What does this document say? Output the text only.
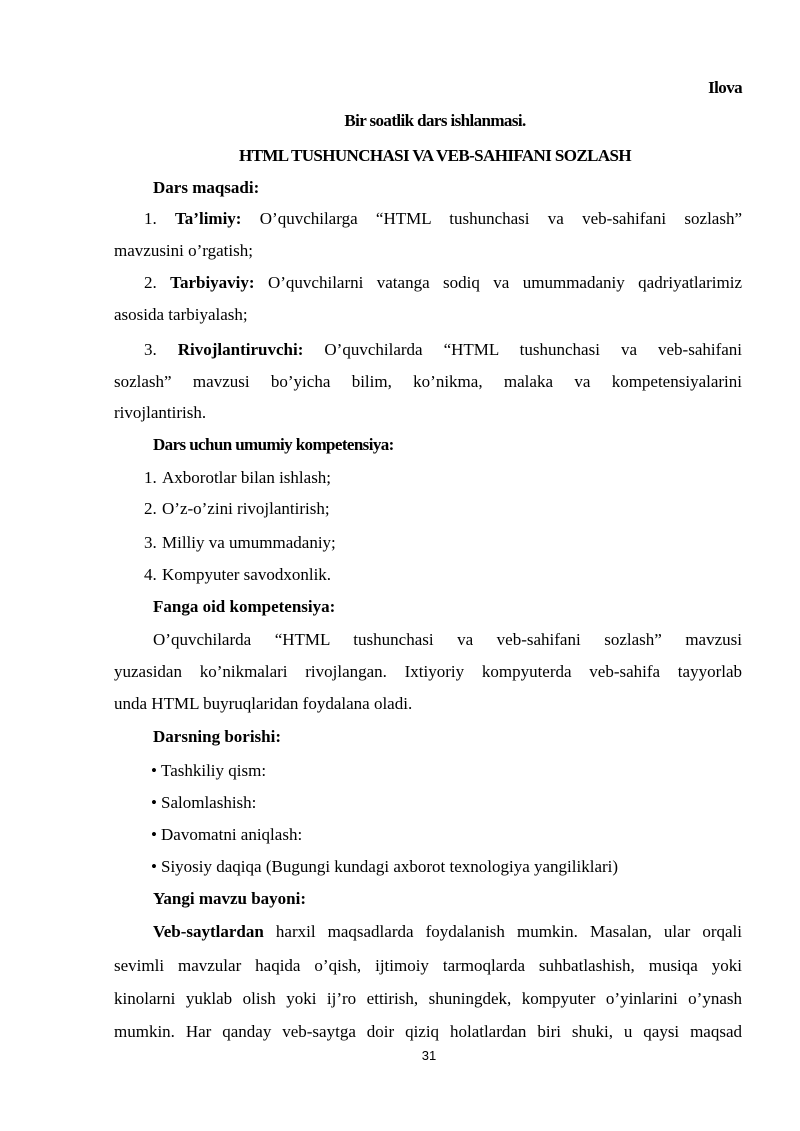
Ilova
Bir soatlik dars ishlanmasi.
HTML TUSHUNCHASI VA VEB-SAHIFANI SOZLASH
Dars maqsadi:
1. Ta’limiy: O’quvchilarga “HTML tushunchasi va veb-sahifani sozlash”
mavzusini o’rgatish;
2. Tarbiyaviy: O’quvchilarni vatanga sodiq va umummadaniy qadriyatlarimiz
asosida tarbiyalash;
3. Rivojlantiruvchi: O’quvchilarda “HTML tushunchasi va veb-sahifani
sozlash” mavzusi bo’yicha bilim, ko’nikma, malaka va kompetensiyalarini
rivojlantirish.
Dars uchun umumiy kompetensiya:
1. Axborotlar bilan ishlash;
2. O’z-o’zini rivojlantirish;
3. Milliy va umummadaniy;
4. Kompyuter savodxonlik.
Fanga oid kompetensiya:
O’quvchilarda “HTML tushunchasi va veb-sahifani sozlash” mavzusi
yuzasidan ko’nikmalari rivojlangan. Ixtiyoriy kompyuterda veb-sahifa tayyorlab
unda HTML buyruqlaridan foydalana oladi.
Darsning borishi:
• Tashkiliy qism:
• Salomlashish:
• Davomatni aniqlash:
• Siyosiy daqiqa (Bugungi kundagi axborot texnologiya yangiliklari)
Yangi mavzu bayoni:
Veb-saytlardan harxil maqsadlarda foydalanish mumkin. Masalan, ular orqali
sevimli mavzular haqida o’qish, ijtimoiy tarmoqlarda suhbatlashish, musiqa yoki
kinolarni yuklab olish yoki ij’ro ettirish, shuningdek, kompyuter o’yinlarini o’ynash
mumkin. Har qanday veb-saytga doir qiziq holatlardan biri shuki, u qaysi maqsad
31
